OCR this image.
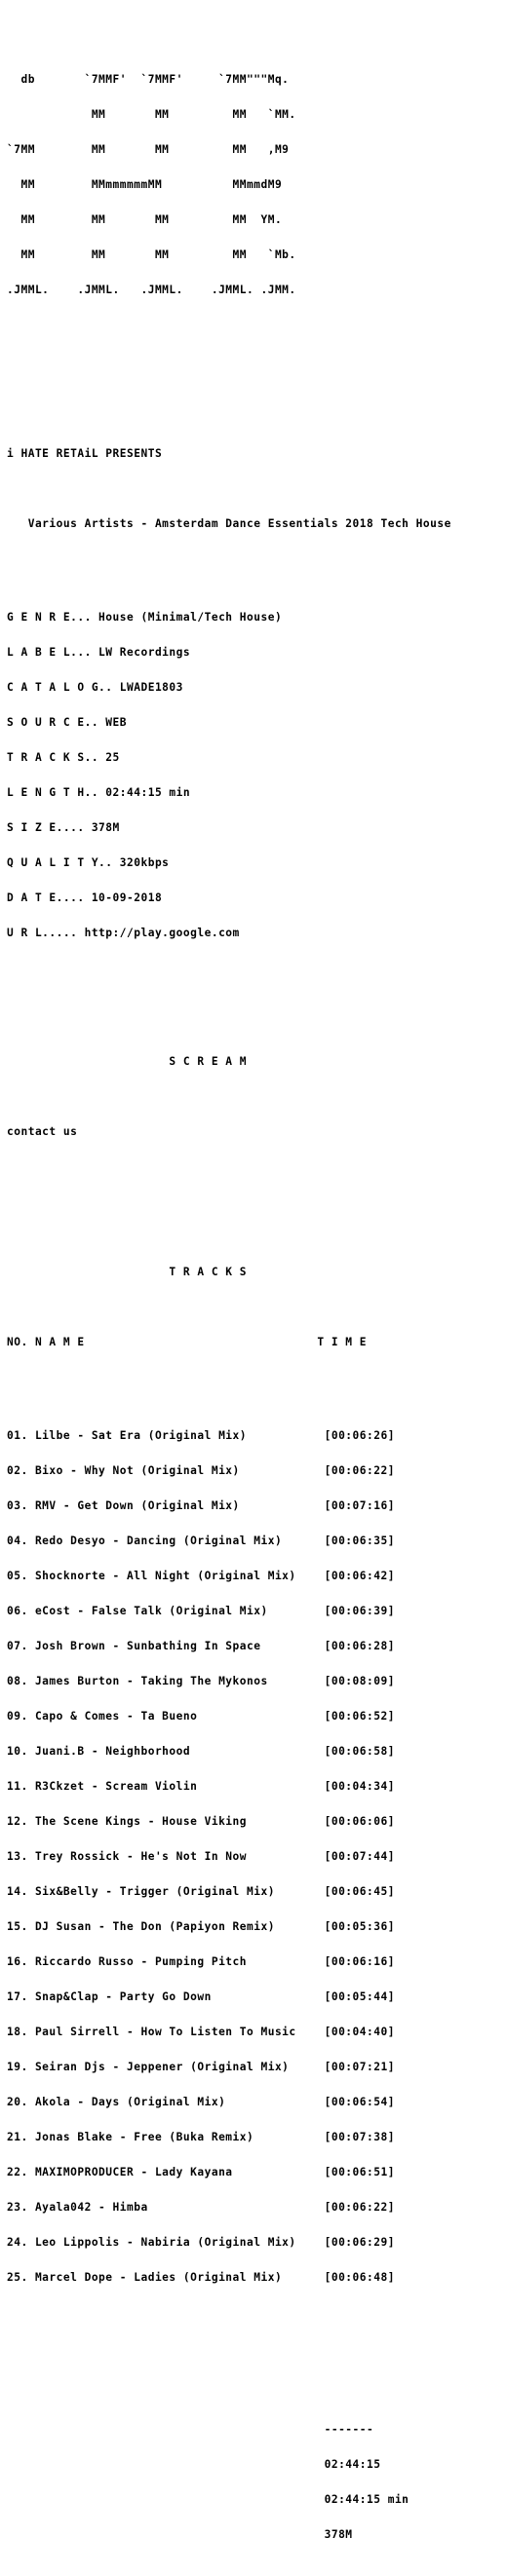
db       `7MMF'  `7MMF'     `7MM"""Mq.

MM       MM         MM   `MM.

`7MM        MM       MM         MM   ,M9

MM        MMmmmmmmMM          MMmmdM9

MM        MM       MM         MM  YM.

MM        MM       MM         MM   `Mb.

.JMML.    .JMML.   .JMML.    .JMML. .JMM.

i HATE RETAiL PRESENTS

Various Artists - Amsterdam Dance Essentials 2018 Tech House

G E N R E... House (Minimal/Tech House)

L A B E L... LW Recordings

C A T A L O G.. LWADE1803

S O U R C E.. WEB

T R A C K S.. 25

L E N G T H.. 02:44:15 min

S I Z E.... 378M

Q U A L I T Y.. 320kbps

D A T E.... 10-09-2018

U R L..... http://play.google.com

S C R E A M

contact us

T R A C K S

NO. N A M E                                 T I M E

01. Lilbe - Sat Era (Original Mix)           [00:06:26]

02. Bixo - Why Not (Original Mix)            [00:06:22]

03. RMV - Get Down (Original Mix)            [00:07:16]

04. Redo Desyo - Dancing (Original Mix)      [00:06:35]

05. Shocknorte - All Night (Original Mix)    [00:06:42]

06. eCost - False Talk (Original Mix)        [00:06:39]

07. Josh Brown - Sunbathing In Space         [00:06:28]

08. James Burton - Taking The Mykonos        [00:08:09]

09. Capo & Comes - Ta Bueno                  [00:06:52]

10. Juani.B - Neighborhood                   [00:06:58]

11. R3Ckzet - Scream Violin                  [00:04:34]

12. The Scene Kings - House Viking           [00:06:06]

13. Trey Rossick - He's Not In Now           [00:07:44]

14. Six&Belly - Trigger (Original Mix)       [00:06:45]

15. DJ Susan - The Don (Papiyon Remix)       [00:05:36]

16. Riccardo Russo - Pumping Pitch           [00:06:16]

17. Snap&Clap - Party Go Down                [00:05:44]

18. Paul Sirrell - How To Listen To Music    [00:04:40]

19. Seiran Djs - Jeppener (Original Mix)     [00:07:21]

20. Akola - Days (Original Mix)              [00:06:54]

21. Jonas Blake - Free (Buka Remix)          [00:07:38]

22. MAXIMOPRODUCER - Lady Kayana             [00:06:51]

23. Ayala042 - Himba                         [00:06:22]

24. Leo Lippolis - Nabiria (Original Mix)    [00:06:29]

25. Marcel Dope - Ladies (Original Mix)      [00:06:48]

-------

02:44:15

02:44:15 min

378M
